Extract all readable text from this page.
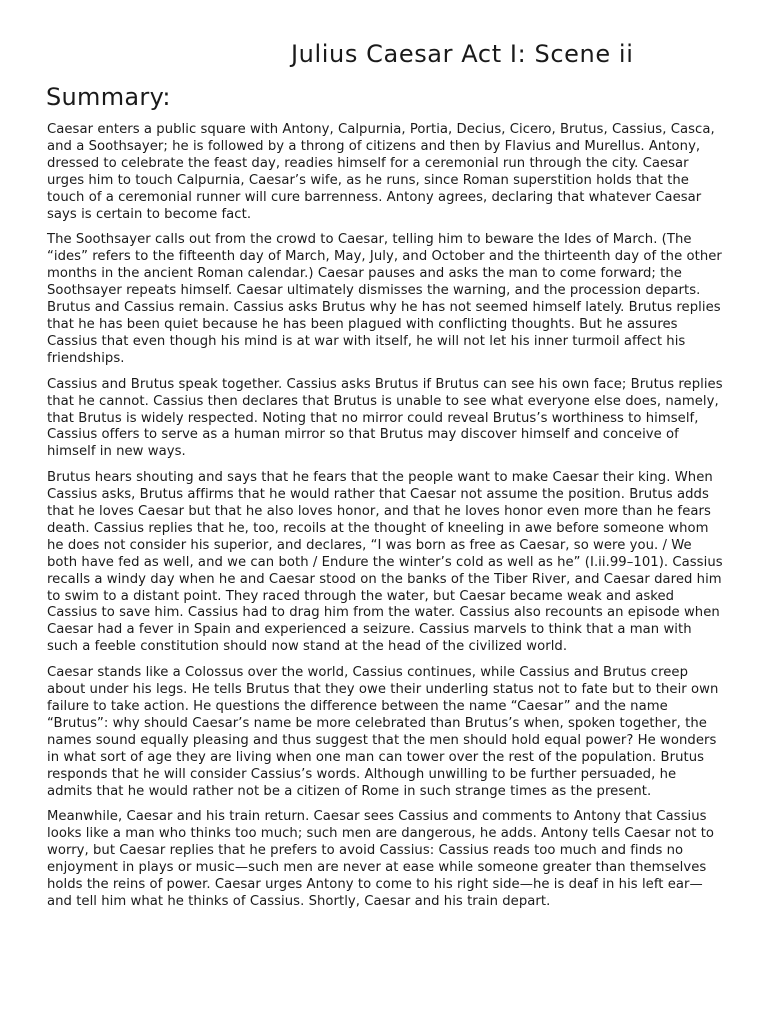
Julius Caesar Act I: Scene ii
Summary:

Caesar enters a public square with Antony, Calpurnia, Portia, Decius, Cicero, Brutus, Cassius, Casca, and a Soothsayer; he is followed by a throng of citizens and then by Flavius and Murellus. Antony, dressed to celebrate the feast day, readies himself for a ceremonial run through the city. Caesar urges him to touch Calpurnia, Caesar’s wife, as he runs, since Roman superstition holds that the touch of a ceremonial runner will cure barrenness. Antony agrees, declaring that whatever Caesar says is certain to become fact.

The Soothsayer calls out from the crowd to Caesar, telling him to beware the Ides of March. (The “ides” refers to the fifteenth day of March, May, July, and October and the thirteenth day of the other months in the ancient Roman calendar.) Caesar pauses and asks the man to come forward; the Soothsayer repeats himself. Caesar ultimately dismisses the warning, and the procession departs. Brutus and Cassius remain. Cassius asks Brutus why he has not seemed himself lately. Brutus replies that he has been quiet because he has been plagued with conflicting thoughts. But he assures Cassius that even though his mind is at war with itself, he will not let his inner turmoil affect his friendships.

Cassius and Brutus speak together. Cassius asks Brutus if Brutus can see his own face; Brutus replies that he cannot. Cassius then declares that Brutus is unable to see what everyone else does, namely, that Brutus is widely respected. Noting that no mirror could reveal Brutus’s worthiness to himself, Cassius offers to serve as a human mirror so that Brutus may discover himself and conceive of himself in new ways.

Brutus hears shouting and says that he fears that the people want to make Caesar their king. When Cassius asks, Brutus affirms that he would rather that Caesar not assume the position. Brutus adds that he loves Caesar but that he also loves honor, and that he loves honor even more than he fears death. Cassius replies that he, too, recoils at the thought of kneeling in awe before someone whom he does not consider his superior, and declares, “I was born as free as Caesar, so were you. / We both have fed as well, and we can both / Endure the winter’s cold as well as he” (I.ii.99–101). Cassius recalls a windy day when he and Caesar stood on the banks of the Tiber River, and Caesar dared him to swim to a distant point. They raced through the water, but Caesar became weak and asked Cassius to save him. Cassius had to drag him from the water. Cassius also recounts an episode when Caesar had a fever in Spain and experienced a seizure. Cassius marvels to think that a man with such a feeble constitution should now stand at the head of the civilized world.

Caesar stands like a Colossus over the world, Cassius continues, while Cassius and Brutus creep about under his legs. He tells Brutus that they owe their underling status not to fate but to their own failure to take action. He questions the difference between the name “Caesar” and the name “Brutus”: why should Caesar’s name be more celebrated than Brutus’s when, spoken together, the names sound equally pleasing and thus suggest that the men should hold equal power? He wonders in what sort of age they are living when one man can tower over the rest of the population. Brutus responds that he will consider Cassius’s words. Although unwilling to be further persuaded, he admits that he would rather not be a citizen of Rome in such strange times as the present.

Meanwhile, Caesar and his train return. Caesar sees Cassius and comments to Antony that Cassius looks like a man who thinks too much; such men are dangerous, he adds. Antony tells Caesar not to worry, but Caesar replies that he prefers to avoid Cassius: Cassius reads too much and finds no enjoyment in plays or music—such men are never at ease while someone greater than themselves holds the reins of power. Caesar urges Antony to come to his right side—he is deaf in his left ear—and tell him what he thinks of Cassius. Shortly, Caesar and his train depart.
